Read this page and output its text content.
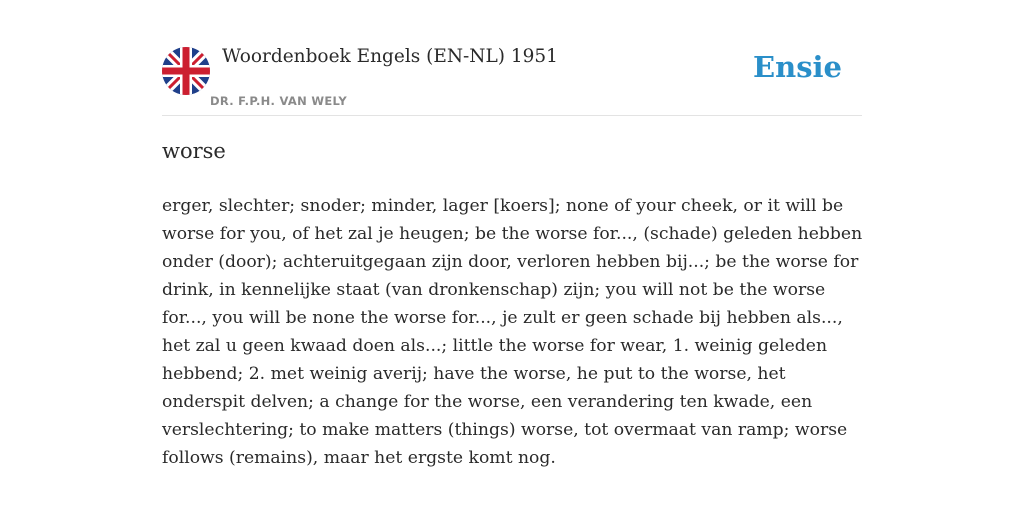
Woordenboek Engels (EN-NL) 1951
DR. F.P.H. VAN WELY
Ensie
worse

erger, slechter; snoder; minder, lager [koers]; none of your cheek, or it will be worse for you, of het zal je heugen; be the worse for..., (schade) geleden hebben onder (door); achteruitgegaan zijn door, verloren hebben bij...; be the worse for drink, in kennelijke staat (van dronkenschap) zijn; you will not be the worse for..., you will be none the worse for..., je zult er geen schade bij hebben als..., het zal u geen kwaad doen als...; little the worse for wear, 1. weinig geleden hebbend; 2. met weinig averij; have the worse, he put to the worse, het onderspit delven; a change for the worse, een verandering ten kwade, een verslechtering; to make matters (things) worse, tot overmaat van ramp; worse follows (remains), maar het ergste komt nog.
